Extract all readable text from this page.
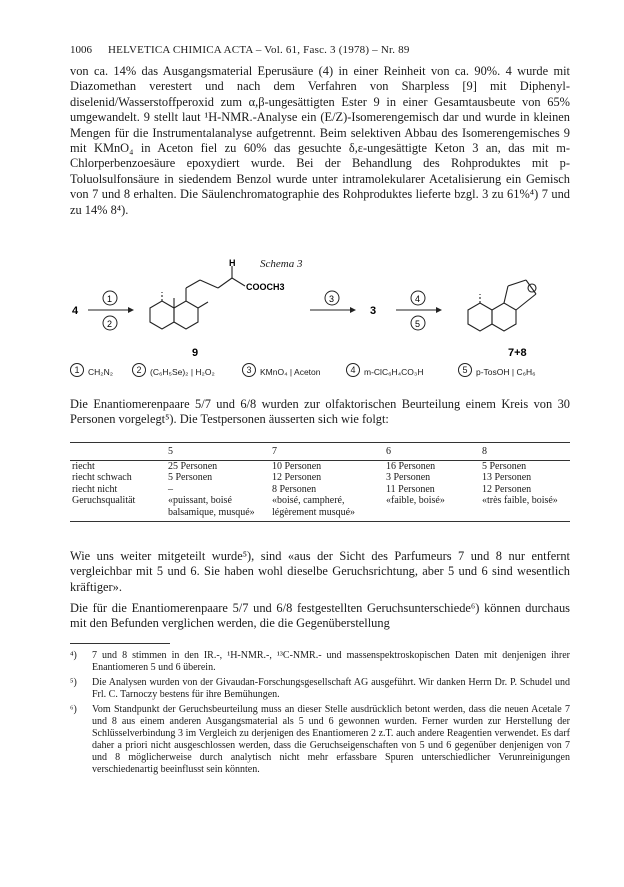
1006 HELVETICA CHIMICA ACTA – Vol. 61, Fasc. 3 (1978) – Nr. 89

von ca. 14% das Ausgangsmaterial Eperusäure (4) in einer Reinheit von ca. 90%. 4 wurde mit Diazomethan verestert und nach dem Verfahren von Sharpless [9] mit Diphenyl-diselenid/Wasserstoffperoxid zum α,β-ungesättigten Ester 9 in einer Gesamtausbeute von 65% umgewandelt. 9 stellt laut ¹H-NMR.-Analyse ein (E/Z)-Isomerengemisch dar und wurde in kleinen Mengen für die Instrumentalanalyse aufgetrennt. Beim selektiven Abbau des Isomerengemisches 9 mit KMnO₄ in Aceton fiel zu 60% das gesuchte δ,ε-ungesättigte Keton 3 an, das mit m-Chlorperbenzoesäure epoxydiert wurde. Bei der Behandlung des Rohproduktes mit p-Toluolsulfonsäure in siedendem Benzol wurde unter intramolekularer Acetalisierung ein Gemisch von 7 und 8 erhalten. Die Säulenchromatographie des Rohproduktes lieferte bzgl. 3 zu 61%⁴) 7 und zu 14% 8⁴).

Schema 3
4
1
2
H
COOCH3
9
3
3
4
5
7+8
1	CH₂N₂	2	(C₆H₅Se)₂ | H₂O₂	3	KMnO₄ | Aceton	4	m-ClC₆H₄CO₃H	5	p-TosOH | C₆H₆

Die Enantiomerenpaare 5/7 und 6/8 wurden zur olfaktorischen Beurteilung einem Kreis von 30 Personen vorgelegt⁵). Die Testpersonen äusserten sich wie folgt:

	5	7	6	8
riecht	25 Personen	10 Personen	16 Personen	5 Personen
riecht schwach	5 Personen	12 Personen	3 Personen	13 Personen
riecht nicht	–	8 Personen	11 Personen	12 Personen
Geruchsqualität	«puissant, boisé balsamique, musqué»	«boisé, campheré, légèrement musqué»	«faible, boisé»	«très faible, boisé»

Wie uns weiter mitgeteilt wurde⁵), sind «aus der Sicht des Parfumeurs 7 und 8 nur entfernt vergleichbar mit 5 und 6. Sie haben wohl dieselbe Geruchsrichtung, aber 5 und 6 sind wesentlich kräftiger».

Die für die Enantiomerenpaare 5/7 und 6/8 festgestellten Geruchsunterschiede⁶) können durchaus mit den Befunden verglichen werden, die die Gegenüberstellung

⁴) 7 und 8 stimmen in den IR.-, ¹H-NMR.-, ¹³C-NMR.- und massenspektroskopischen Daten mit denjenigen ihrer Enantiomeren 5 und 6 überein.
⁵) Die Analysen wurden von der Givaudan-Forschungsgesellschaft AG ausgeführt. Wir danken Herrn Dr. P. Schudel und Frl. C. Tarnoczy bestens für ihre Bemühungen.
⁶) Vom Standpunkt der Geruchsbeurteilung muss an dieser Stelle ausdrücklich betont werden, dass die neuen Acetale 7 und 8 aus einem anderen Ausgangsmaterial als 5 und 6 gewonnen wurden. Ferner wurden zur Herstellung der Schlüsselverbindung 3 im Vergleich zu derjenigen des Enantiomeren 2 z.T. auch andere Reagentien verwendet. Es darf daher a priori nicht ausgeschlossen werden, dass die Geruchseigenschaften von 5 und 6 gegenüber denjenigen von 7 und 8 möglicherweise durch analytisch nicht mehr erfassbare Spuren unterschiedlicher Verunreinigungen verschiedenartig beeinflusst sein könnten.
